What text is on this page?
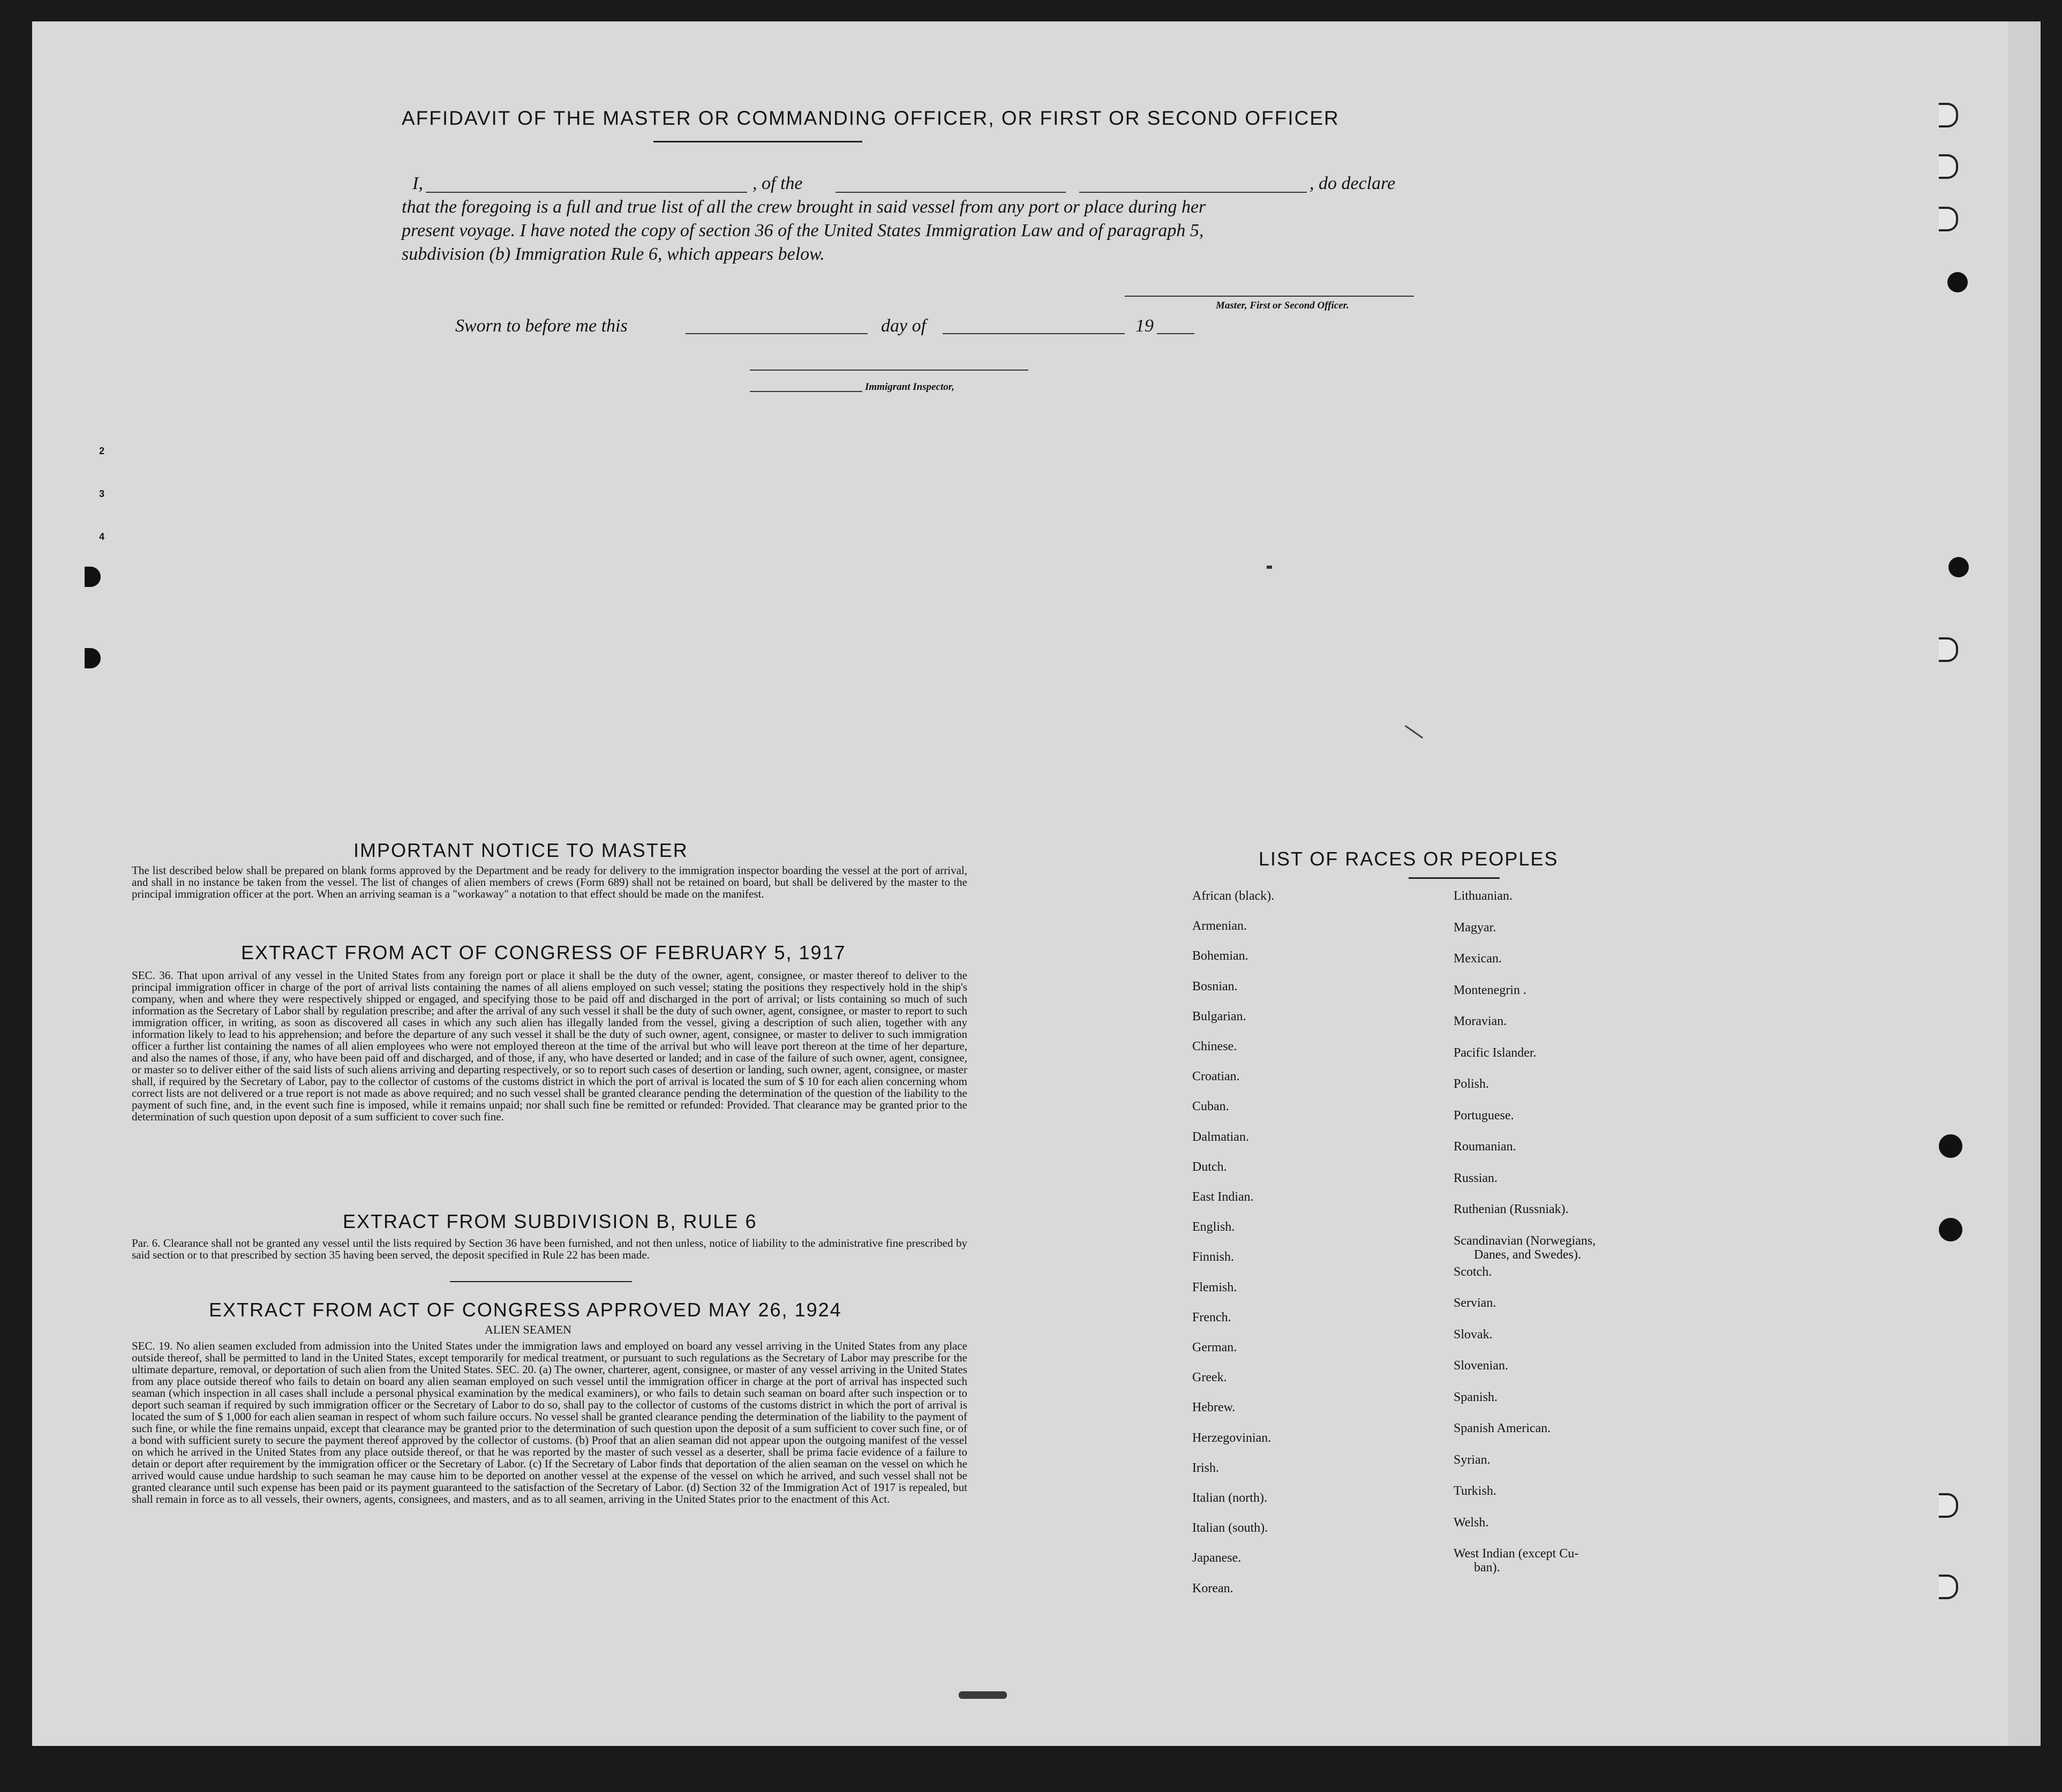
AFFIDAVIT OF THE MASTER OR COMMANDING OFFICER, OR FIRST OR SECOND OFFICER
I,	, of the	, do declare
that the foregoing is a full and true list of all the crew brought in said vessel from any port or place during her
present voyage. I have noted the copy of section 36 of the United States Immigration Law and of paragraph 5,
subdivision (b) Immigration Rule 6, which appears below.
Master, First or Second Officer.
Sworn to before me this	day of	19
Immigrant Inspector,
2
3
4
IMPORTANT NOTICE TO MASTER
The list described below shall be prepared on blank forms approved by the Department and be ready for delivery to the immigration inspector boarding the vessel at the port of arrival, and shall in no instance be taken from the vessel. The list of changes of alien members of crews (Form 689) shall not be retained on board, but shall be delivered by the master to the principal immigration officer at the port. When an arriving seaman is a "workaway" a notation to that effect should be made on the manifest.
EXTRACT FROM ACT OF CONGRESS OF FEBRUARY 5, 1917
SEC. 36. That upon arrival of any vessel in the United States from any foreign port or place it shall be the duty of the owner, agent, consignee, or master thereof to deliver to the principal immigration officer in charge of the port of arrival lists containing the names of all aliens employed on such vessel; stating the positions they respectively hold in the ship's company, when and where they were respectively shipped or engaged, and specifying those to be paid off and discharged in the port of arrival; or lists containing so much of such information as the Secretary of Labor shall by regulation prescribe; and after the arrival of any such vessel it shall be the duty of such owner, agent, consignee, or master to report to such immigration officer, in writing, as soon as discovered all cases in which any such alien has illegally landed from the vessel, giving a description of such alien, together with any information likely to lead to his apprehension; and before the departure of any such vessel it shall be the duty of such owner, agent, consignee, or master to deliver to such immigration officer a further list containing the names of all alien employees who were not employed thereon at the time of the arrival but who will leave port thereon at the time of her departure, and also the names of those, if any, who have been paid off and discharged, and of those, if any, who have deserted or landed; and in case of the failure of such owner, agent, consignee, or master so to deliver either of the said lists of such aliens arriving and departing respectively, or so to report such cases of desertion or landing, such owner, agent, consignee, or master shall, if required by the Secretary of Labor, pay to the collector of customs of the customs district in which the port of arrival is located the sum of $ 10 for each alien concerning whom correct lists are not delivered or a true report is not made as above required; and no such vessel shall be granted clearance pending the determination of the question of the liability to the payment of such fine, and, in the event such fine is imposed, while it remains unpaid; nor shall such fine be remitted or refunded: Provided. That clearance may be granted prior to the determination of such question upon deposit of a sum sufficient to cover such fine.
EXTRACT FROM SUBDIVISION B, RULE 6
Par. 6. Clearance shall not be granted any vessel until the lists required by Section 36 have been furnished, and not then unless, notice of liability to the administrative fine prescribed by said section or to that prescribed by section 35 having been served, the deposit specified in Rule 22 has been made.
EXTRACT FROM ACT OF CONGRESS APPROVED MAY 26, 1924
ALIEN SEAMEN
SEC. 19. No alien seamen excluded from admission into the United States under the immigration laws and employed on board any vessel arriving in the United States from any place outside thereof, shall be permitted to land in the United States, except temporarily for medical treatment, or pursuant to such regulations as the Secretary of Labor may prescribe for the ultimate departure, removal, or deportation of such alien from the United States. SEC. 20. (a) The owner, charterer, agent, consignee, or master of any vessel arriving in the United States from any place outside thereof who fails to detain on board any alien seaman employed on such vessel until the immigration officer in charge at the port of arrival has inspected such seaman (which inspection in all cases shall include a personal physical examination by the medical examiners), or who fails to detain such seaman on board after such inspection or to deport such seaman if required by such immigration officer or the Secretary of Labor to do so, shall pay to the collector of customs of the customs district in which the port of arrival is located the sum of $ 1,000 for each alien seaman in respect of whom such failure occurs. No vessel shall be granted clearance pending the determination of the liability to the payment of such fine, or while the fine remains unpaid, except that clearance may be granted prior to the determination of such question upon the deposit of a sum sufficient to cover such fine, or of a bond with sufficient surety to secure the payment thereof approved by the collector of customs. (b) Proof that an alien seaman did not appear upon the outgoing manifest of the vessel on which he arrived in the United States from any place outside thereof, or that he was reported by the master of such vessel as a deserter, shall be prima facie evidence of a failure to detain or deport after requirement by the immigration officer or the Secretary of Labor. (c) If the Secretary of Labor finds that deportation of the alien seaman on the vessel on which he arrived would cause undue hardship to such seaman he may cause him to be deported on another vessel at the expense of the vessel on which he arrived, and such vessel shall not be granted clearance until such expense has been paid or its payment guaranteed to the satisfaction of the Secretary of Labor. (d) Section 32 of the Immigration Act of 1917 is repealed, but shall remain in force as to all vessels, their owners, agents, consignees, and masters, and as to all seamen, arriving in the United States prior to the enactment of this Act.
LIST OF RACES OR PEOPLES
African (black).
Armenian.
Bohemian.
Bosnian.
Bulgarian.
Chinese.
Croatian.
Cuban.
Dalmatian.
Dutch.
East Indian.
English.
Finnish.
Flemish.
French.
German.
Greek.
Hebrew.
Herzegovinian.
Irish.
Italian (north).
Italian (south).
Japanese.
Korean.
Lithuanian.
Magyar.
Mexican.
Montenegrin .
Moravian.
Pacific Islander.
Polish.
Portuguese.
Roumanian.
Russian.
Ruthenian (Russniak).
Scandinavian (Norwegians,
Danes, and Swedes).
Scotch.
Servian.
Slovak.
Slovenian.
Spanish.
Spanish American.
Syrian.
Turkish.
Welsh.
West Indian (except Cu-
ban).
